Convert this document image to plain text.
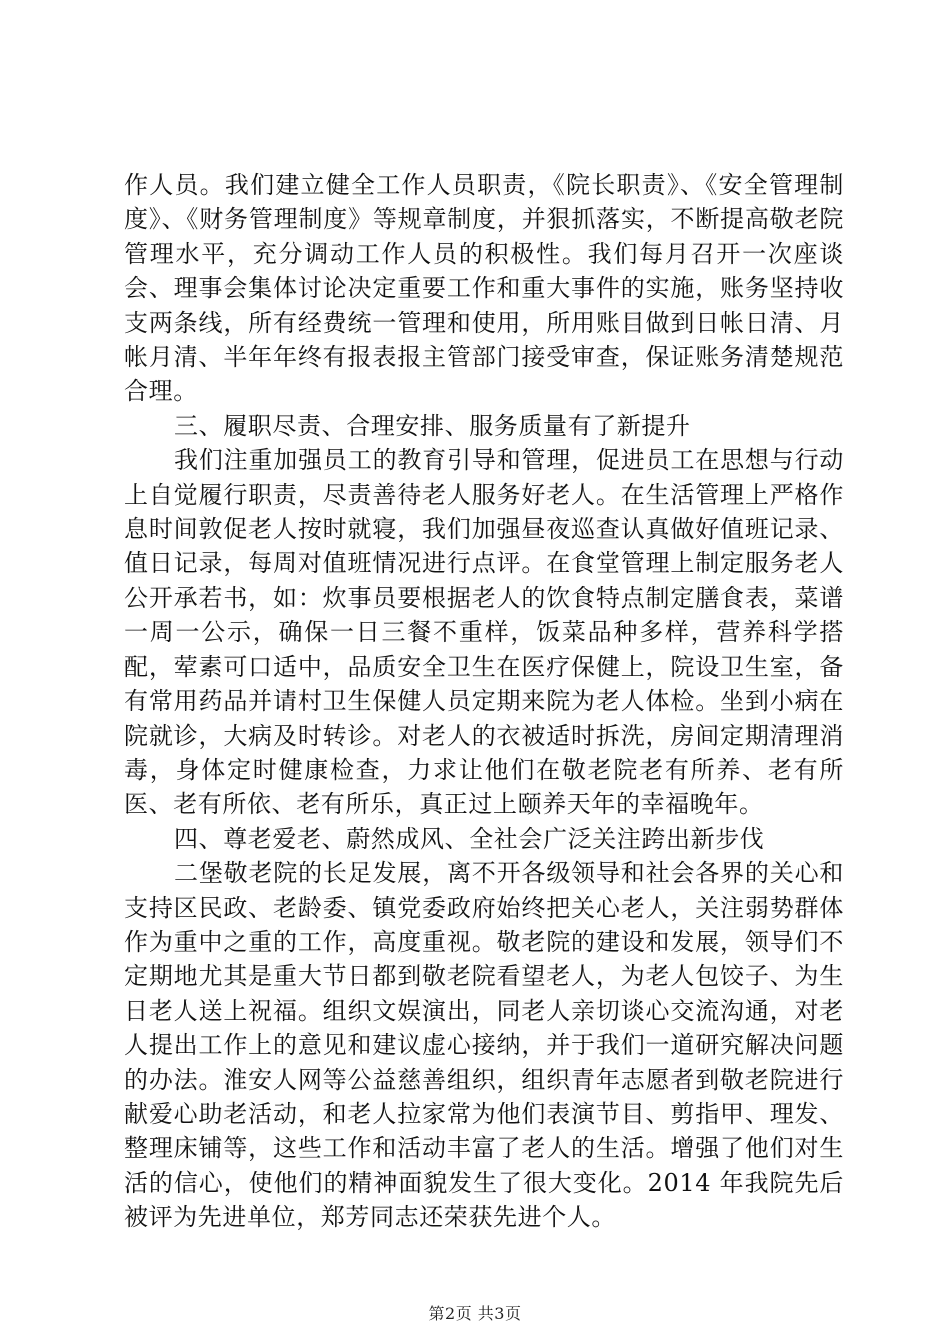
作人员。我们建立健全工作人员职责，《院长职责》、《安全管理制度》、《财务管理制度》等规章制度，并狠抓落实，不断提高敬老院管理水平，充分调动工作人员的积极性。我们每月召开一次座谈会、理事会集体讨论决定重要工作和重大事件的实施，账务坚持收支两条线，所有经费统一管理和使用，所用账目做到日帐日清、月帐月清、半年年终有报表报主管部门接受审查，保证账务清楚规范合理。

三、履职尽责、合理安排、服务质量有了新提升

我们注重加强员工的教育引导和管理，促进员工在思想与行动上自觉履行职责，尽责善待老人服务好老人。在生活管理上严格作息时间敦促老人按时就寝，我们加强昼夜巡查认真做好值班记录、值日记录，每周对值班情况进行点评。在食堂管理上制定服务老人公开承若书，如：炊事员要根据老人的饮食特点制定膳食表，菜谱一周一公示，确保一日三餐不重样，饭菜品种多样，营养科学搭配，荤素可口适中，品质安全卫生在医疗保健上，院设卫生室，备有常用药品并请村卫生保健人员定期来院为老人体检。坐到小病在院就诊，大病及时转诊。对老人的衣被适时拆洗，房间定期清理消毒，身体定时健康检查，力求让他们在敬老院老有所养、老有所医、老有所依、老有所乐，真正过上颐养天年的幸福晚年。

四、尊老爱老、蔚然成风、全社会广泛关注跨出新步伐

二堡敬老院的长足发展，离不开各级领导和社会各界的关心和支持区民政、老龄委、镇党委政府始终把关心老人，关注弱势群体作为重中之重的工作，高度重视。敬老院的建设和发展，领导们不定期地尤其是重大节日都到敬老院看望老人，为老人包饺子、为生日老人送上祝福。组织文娱演出，同老人亲切谈心交流沟通，对老人提出工作上的意见和建议虚心接纳，并于我们一道研究解决问题的办法。淮安人网等公益慈善组织，组织青年志愿者到敬老院进行献爱心助老活动，和老人拉家常为他们表演节目、剪指甲、理发、整理床铺等，这些工作和活动丰富了老人的生活。增强了他们对生活的信心，使他们的精神面貌发生了很大变化。2014 年我院先后被评为先进单位，郑芳同志还荣获先进个人。

第2页 共3页
